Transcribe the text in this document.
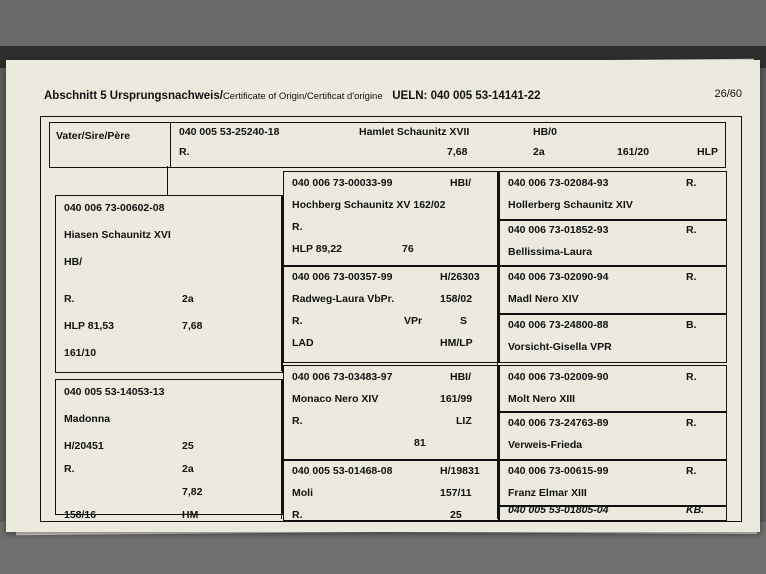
Abschnitt 5 Ursprungsnachweis/Certificate of Origin/Certificat d'origine UELN: 040 005 53-14141-22	26/60
Vater/Sire/Père	040 005 53-25240-18	Hamlet Schaunitz XVII	HB/0
R.	7,68	2a	161/20	HLP
040 006 73-00602-08
Hiasen Schaunitz XVI
HB/
R.	2a
HLP 81,53	7,68
161/10
040 005 53-14053-13
Madonna
H/20451	25
R.	2a
7,82
158/16	HM
040 006 73-00033-99	HBI/
Hochberg Schaunitz XV 162/02
R.
HLP 89,22	76
040 006 73-00357-99	H/26303
Radweg-Laura VbPr.	158/02
R.	VPr	S
LAD	HM/LP
040 006 73-03483-97	HBI/
Monaco Nero XIV	161/99
R.	LIZ
81
040 005 53-01468-08	H/19831
Moli	157/11
R.	25
040 006 73-02084-93	R.
Hollerberg Schaunitz XIV
040 006 73-01852-93	R.
Bellissima-Laura
040 006 73-02090-94	R.
Madl Nero XIV
040 006 73-24800-88	B.
Vorsicht-Gisella VPR
040 006 73-02009-90	R.
Molt Nero XIII
040 006 73-24763-89	R.
Verweis-Frieda
040 006 73-00615-99	R.
Franz Elmar XIII
040 005 53-01805-04	KB.
